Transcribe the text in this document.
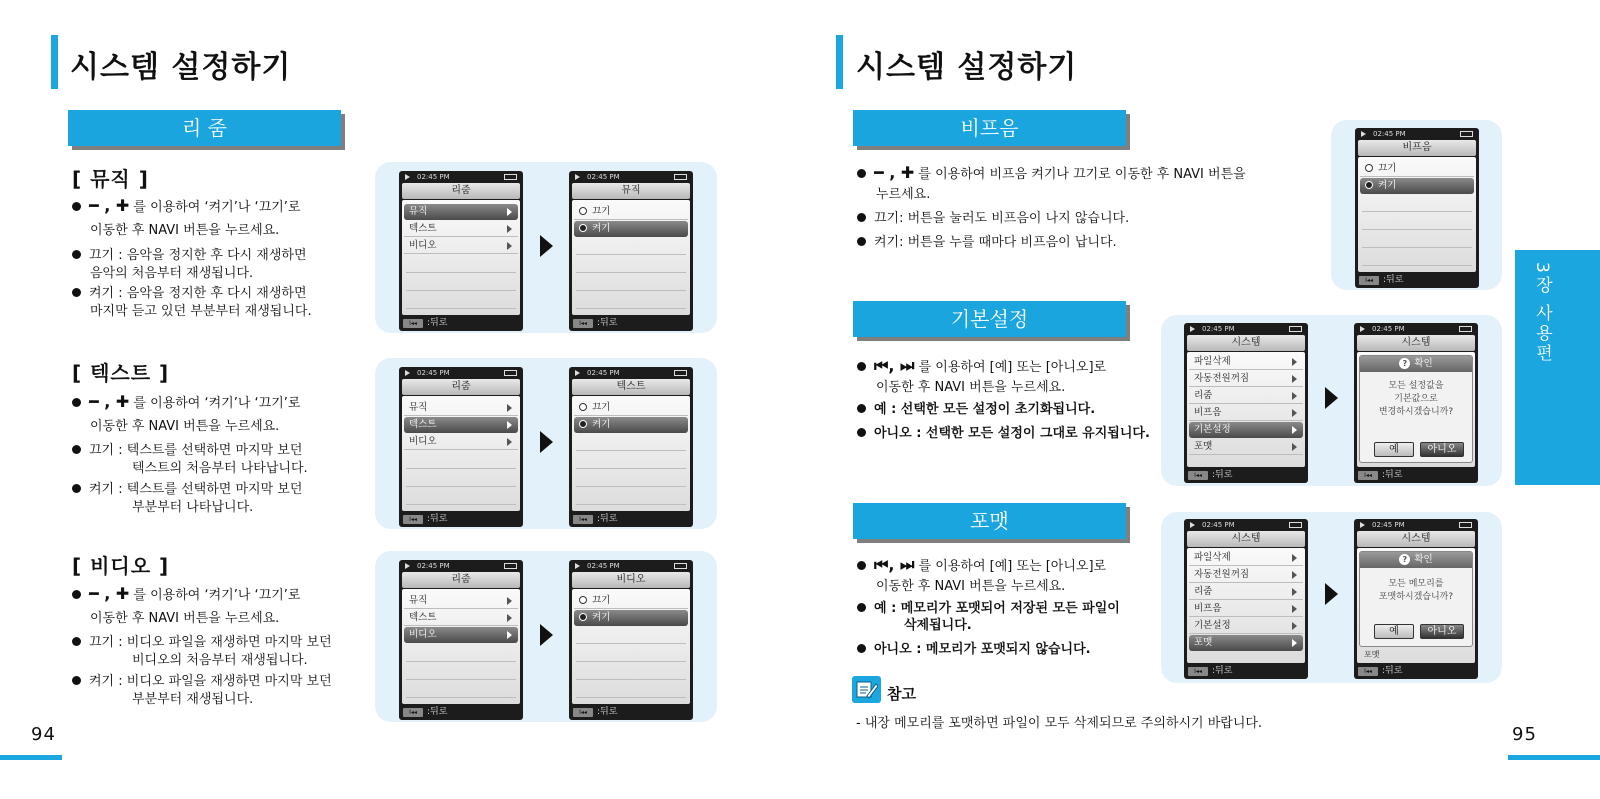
시스템 설정하기
리 줌
[ 뮤직 ]
━ , ✚ 를 이용하여 ‘켜기’나 ‘끄기’로
이동한 후 NAVI 버튼을 누르세요.
끄기 : 음악을 정지한 후 다시 재생하면
음악의 처음부터 재생됩니다.
켜기 : 음악을 정지한 후 다시 재생하면
마지막 듣고 있던 부분부터 재생됩니다.
[ 텍스트 ]
━ , ✚ 를 이용하여 ‘켜기’나 ‘끄기’로
이동한 후 NAVI 버튼을 누르세요.
끄기 : 텍스트를 선택하면 마지막 보던
텍스트의 처음부터 나타납니다.
켜기 : 텍스트를 선택하면 마지막 보던
부분부터 나타납니다.
[ 비디오 ]
━ , ✚ 를 이용하여 ‘켜기’나 ‘끄기’로
이동한 후 NAVI 버튼을 누르세요.
끄기 : 비디오 파일을 재생하면 마지막 보던
비디오의 처음부터 재생됩니다.
켜기 : 비디오 파일을 재생하면 마지막 보던
부분부터 재생됩니다.
02:45 PM
리줌
뮤직
텍스트
비디오
I◂◂	:뒤로
02:45 PM
뮤직
끄기
켜기
I◂◂	:뒤로
02:45 PM
리줌
뮤직
텍스트
비디오
I◂◂	:뒤로
02:45 PM
텍스트
끄기
켜기
I◂◂	:뒤로
02:45 PM
리줌
뮤직
텍스트
비디오
I◂◂	:뒤로
02:45 PM
비디오
끄기
켜기
I◂◂	:뒤로
94
시스템 설정하기
비프음
━ , ✚ 를 이용하여 비프음 켜기나 끄기로 이동한 후 NAVI 버튼을
누르세요.
끄기: 버튼을 눌러도 비프음이 나지 않습니다.
켜기: 버튼을 누를 때마다 비프음이 납니다.
02:45 PM
비프음
끄기
켜기
I◂◂	:뒤로
기본설정
⏮, ⏭ 를 이용하여 [예] 또는 [아니오]로
이동한 후 NAVI 버튼을 누르세요.
예 : 선택한 모든 설정이 초기화됩니다.
아니오 : 선택한 모든 설정이 그대로 유지됩니다.
02:45 PM
시스템
파일삭제
자동전원꺼짐
리줌
비프음
기본설정
포맷
I◂◂	:뒤로
02:45 PM
시스템
? 확인
모든 설정값을
기본값으로
변경하시겠습니까?
예	아니오
I◂◂	:뒤로
포맷
⏮, ⏭ 를 이용하여 [예] 또는 [아니오]로
이동한 후 NAVI 버튼을 누르세요.
예 : 메모리가 포맷되어 저장된 모든 파일이
삭제됩니다.
아니오 : 메모리가 포맷되지 않습니다.
02:45 PM
시스템
파일삭제
자동전원꺼짐
리줌
비프음
기본설정
포맷
I◂◂	:뒤로
02:45 PM
시스템
? 확인
모든 메모리를
포맷하시겠습니까?
예	아니오
포맷
I◂◂	:뒤로
참고
- 내장 메모리를 포맷하면 파일이 모두 삭제되므로 주의하시기 바랍니다.
3장 사용편
95
